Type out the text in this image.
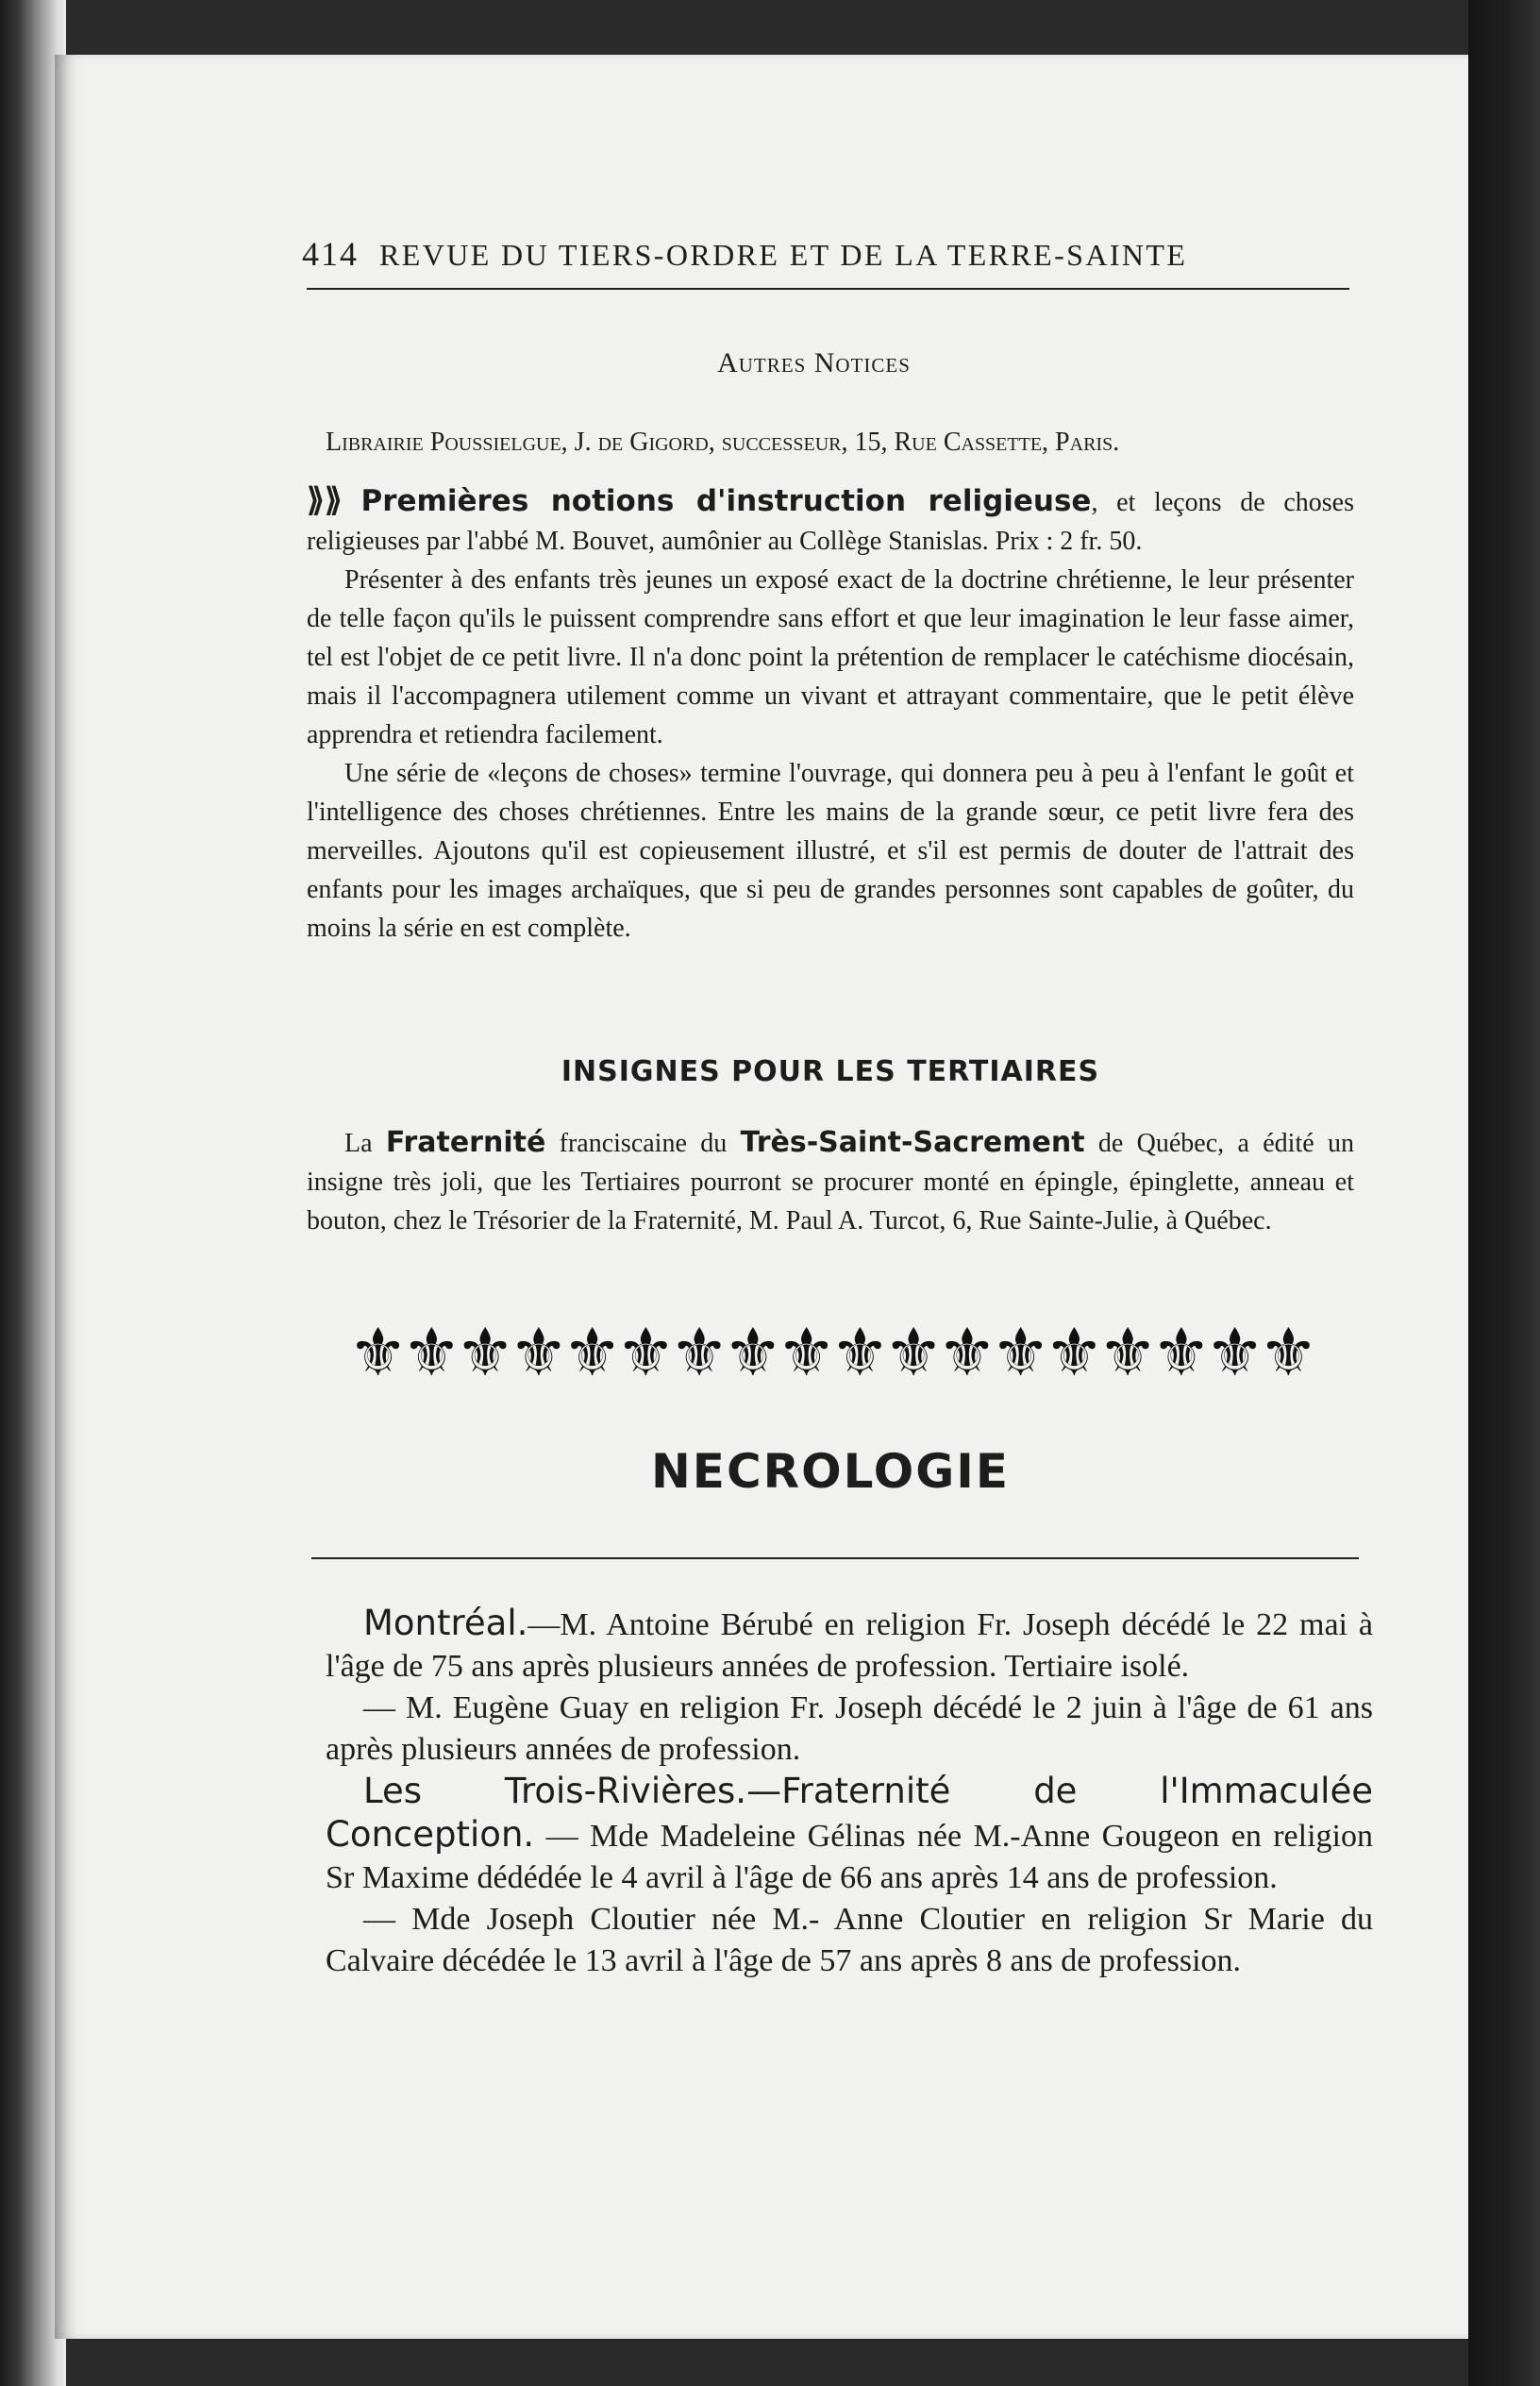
414 REVUE DU TIERS-ORDRE ET DE LA TERRE-SAINTE
Autres Notices
Librairie Poussielgue, J. de Gigord, successeur, 15, Rue Cassette, Paris.

⟫⟫ Premières notions d'instruction religieuse, et leçons de choses religieuses par l'abbé M. Bouvet, aumônier au Collège Stanislas. Prix : 2 fr. 50.

Présenter à des enfants très jeunes un exposé exact de la doctrine chrétienne, le leur présenter de telle façon qu'ils le puissent comprendre sans effort et que leur imagination le leur fasse aimer, tel est l'objet de ce petit livre. Il n'a donc point la prétention de remplacer le catéchisme diocésain, mais il l'accompagnera utilement comme un vivant et attrayant commentaire, que le petit élève apprendra et retiendra facilement.

Une série de «leçons de choses» termine l'ouvrage, qui donnera peu à peu à l'enfant le goût et l'intelligence des choses chrétiennes. Entre les mains de la grande sœur, ce petit livre fera des merveilles. Ajoutons qu'il est copieusement illustré, et s'il est permis de douter de l'attrait des enfants pour les images archaïques, que si peu de grandes personnes sont capables de goûter, du moins la série en est complète.

INSIGNES POUR LES TERTIAIRES

La Fraternité franciscaine du Très-Saint-Sacrement de Québec, a édité un insigne très joli, que les Tertiaires pourront se procurer monté en épingle, épinglette, anneau et bouton, chez le Trésorier de la Fraternité, M. Paul A. Turcot, 6, Rue Sainte-Julie, à Québec.

⚜⚜⚜⚜⚜⚜⚜⚜⚜⚜⚜⚜⚜⚜⚜⚜⚜⚜
NECROLOGIE

Montréal.—M. Antoine Bérubé en religion Fr. Joseph décédé le 22 mai à l'âge de 75 ans après plusieurs années de profession. Tertiaire isolé.

— M. Eugène Guay en religion Fr. Joseph décédé le 2 juin à l'âge de 61 ans après plusieurs années de profession.

Les Trois-Rivières.—Fraternité de l'Immaculée Conception. — Mde Madeleine Gélinas née M.-Anne Gougeon en religion Sr Maxime dédédée le 4 avril à l'âge de 66 ans après 14 ans de profession.

— Mde Joseph Cloutier née M.- Anne Cloutier en religion Sr Marie du Calvaire décédée le 13 avril à l'âge de 57 ans après 8 ans de profession.
